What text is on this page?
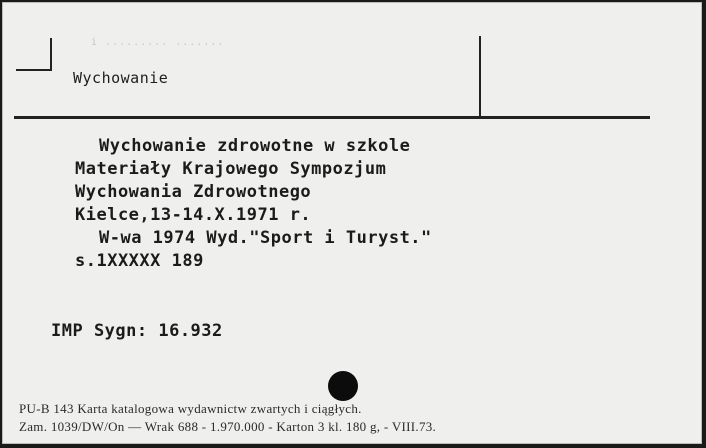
i ......... .......
Wychowanie
Wychowanie zdrowotne w szkole
Materiały Krajowego Sympozjum
Wychowania Zdrowotnego
Kielce,13-14.X.1971 r.
W-wa 1974 Wyd."Sport i Turyst."
s.1XXXXX 189
IMP Sygn: 16.932
PU-B 143 Karta katalogowa wydawnictw zwartych i ciągłych.
Zam. 1039/DW/On — Wrak 688 - 1.970.000 - Karton 3 kl. 180 g, - VIII.73.
